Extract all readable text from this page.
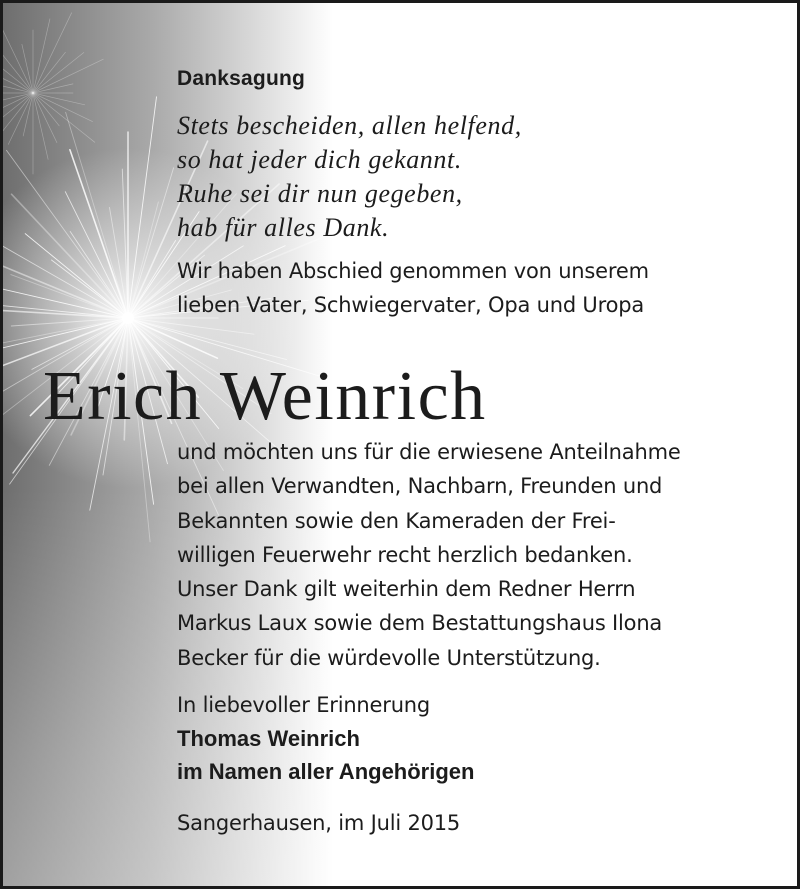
Danksagung
Stets bescheiden, allen helfend,
so hat jeder dich gekannt.
Ruhe sei dir nun gegeben,
hab für alles Dank.
Wir haben Abschied genommen von unserem
lieben Vater, Schwiegervater, Opa und Uropa
Erich Weinrich
und möchten uns für die erwiesene Anteilnahme
bei allen Verwandten, Nachbarn, Freunden und
Bekannten sowie den Kameraden der Frei-
willigen Feuerwehr recht herzlich bedanken.
Unser Dank gilt weiterhin dem Redner Herrn
Markus Laux sowie dem Bestattungshaus Ilona
Becker für die würdevolle Unterstützung.
In liebevoller Erinnerung
Thomas Weinrich
im Namen aller Angehörigen
Sangerhausen, im Juli 2015
